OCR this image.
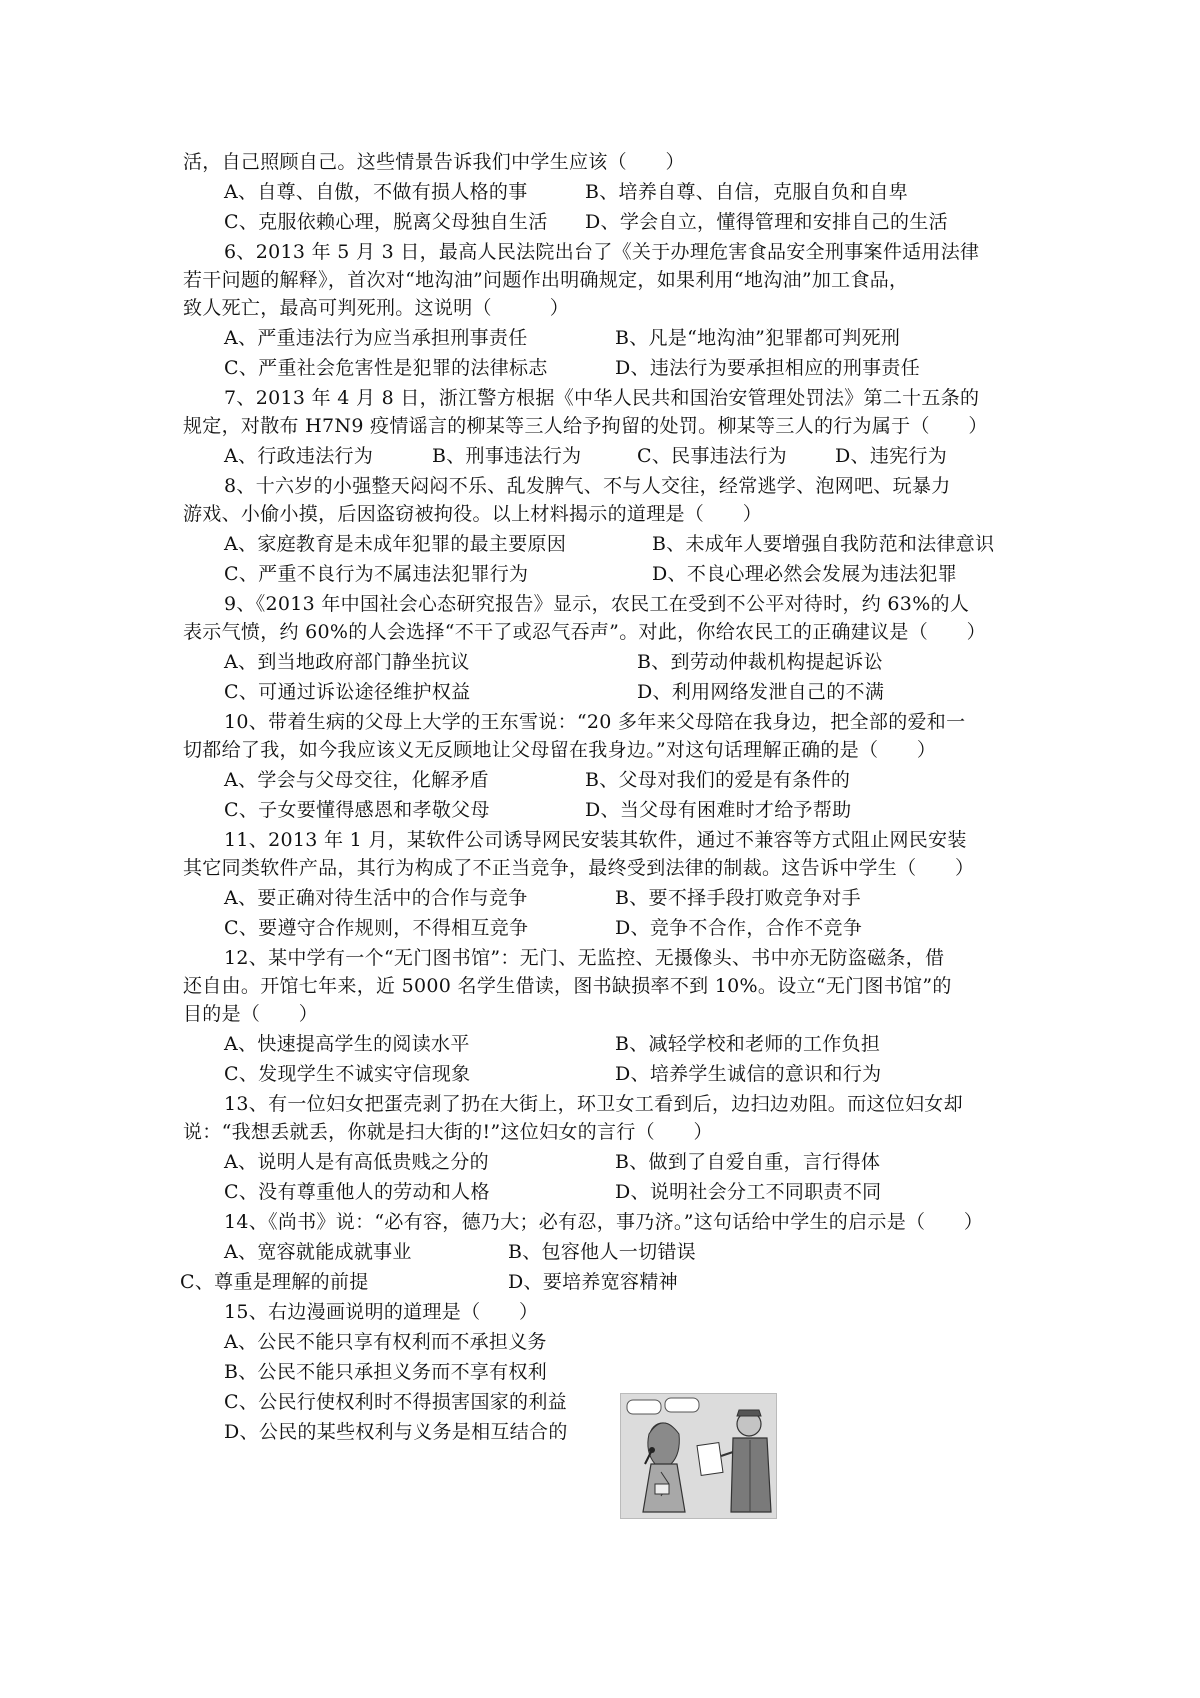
活，自己照顾自己。这些情景告诉我们中学生应该（　　）
A、自尊、自傲，不做有损人格的事	B、培养自尊、自信，克服自负和自卑
C、克服依赖心理，脱离父母独自生活 D、学会自立，懂得管理和安排自己的生活
6、2013 年 5 月 3 日，最高人民法院出台了《关于办理危害食品安全刑事案件适用法律
若干问题的解释》，首次对“地沟油”问题作出明确规定，如果利用“地沟油”加工食品，
致人死亡，最高可判死刑。这说明（　　　）
A、严重违法行为应当承担刑事责任	B、凡是“地沟油”犯罪都可判死刑
C、严重社会危害性是犯罪的法律标志	D、违法行为要承担相应的刑事责任
7、2013 年 4 月 8 日，浙江警方根据《中华人民共和国治安管理处罚法》第二十五条的
规定，对散布 H7N9 疫情谣言的柳某等三人给予拘留的处罚。柳某等三人的行为属于（　　）
A、行政违法行为	B、刑事违法行为	C、民事违法行为	D、违宪行为
8、十六岁的小强整天闷闷不乐、乱发脾气、不与人交往，经常逃学、泡网吧、玩暴力
游戏、小偷小摸，后因盗窃被拘役。以上材料揭示的道理是（　　）
A、家庭教育是未成年犯罪的最主要原因	B、未成年人要增强自我防范和法律意识
C、严重不良行为不属违法犯罪行为	D、不良心理必然会发展为违法犯罪
9、《2013 年中国社会心态研究报告》显示，农民工在受到不公平对待时，约 63%的人
表示气愤，约 60%的人会选择“不干了或忍气吞声”。对此，你给农民工的正确建议是（　　）
A、到当地政府部门静坐抗议	B、到劳动仲裁机构提起诉讼
C、可通过诉讼途径维护权益	D、利用网络发泄自己的不满
10、带着生病的父母上大学的王东雪说：“20 多年来父母陪在我身边，把全部的爱和一
切都给了我，如今我应该义无反顾地让父母留在我身边。”对这句话理解正确的是（　　）
A、学会与父母交往，化解矛盾	B、父母对我们的爱是有条件的
C、子女要懂得感恩和孝敬父母	D、当父母有困难时才给予帮助
11、2013 年 1 月，某软件公司诱导网民安装其软件，通过不兼容等方式阻止网民安装
其它同类软件产品，其行为构成了不正当竞争，最终受到法律的制裁。这告诉中学生（　　）
A、要正确对待生活中的合作与竞争	B、要不择手段打败竞争对手
C、要遵守合作规则，不得相互竞争	D、竞争不合作，合作不竞争
12、某中学有一个“无门图书馆”：无门、无监控、无摄像头、书中亦无防盗磁条，借
还自由。开馆七年来，近 5000 名学生借读，图书缺损率不到 10%。设立“无门图书馆”的
目的是（　　）
A、快速提高学生的阅读水平	B、减轻学校和老师的工作负担
C、发现学生不诚实守信现象	D、培养学生诚信的意识和行为
13、有一位妇女把蛋壳剥了扔在大街上，环卫女工看到后，边扫边劝阻。而这位妇女却
说：“我想丢就丢，你就是扫大街的!”这位妇女的言行（　　）
A、说明人是有高低贵贱之分的	B、做到了自爱自重，言行得体
C、没有尊重他人的劳动和人格	D、说明社会分工不同职责不同
14、《尚书》说：“必有容，德乃大；必有忍，事乃济。”这句话给中学生的启示是（　　）
A、宽容就能成就事业	B、包容他人一切错误
C、尊重是理解的前提	D、要培养宽容精神
15、右边漫画说明的道理是（　　）
A、公民不能只享有权利而不承担义务
B、公民不能只承担义务而不享有权利
C、公民行使权利时不得损害国家的利益
D、公民的某些权利与义务是相互结合的
